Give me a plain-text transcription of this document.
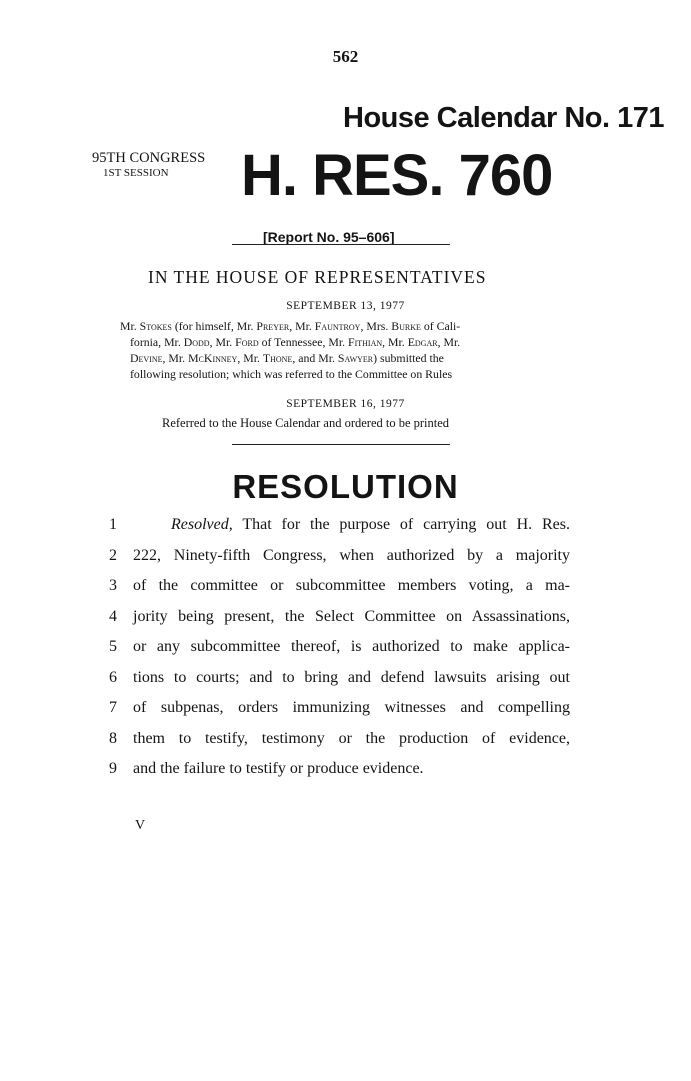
562
House Calendar No. 171
95TH CONGRESS
1ST SESSION H. RES. 760
[Report No. 95–606]
IN THE HOUSE OF REPRESENTATIVES
SEPTEMBER 13, 1977
Mr. Stokes (for himself, Mr. Preyer, Mr. Fauntroy, Mrs. Burke of Cali-
fornia, Mr. Dodd, Mr. Ford of Tennessee, Mr. Fithian, Mr. Edgar, Mr.
Devine, Mr. McKinney, Mr. Thone, and Mr. Sawyer) submitted the
following resolution; which was referred to the Committee on Rules
SEPTEMBER 16, 1977
Referred to the House Calendar and ordered to be printed
RESOLUTION
1	Resolved, That for the purpose of carrying out H. Res.
2 222, Ninety-fifth Congress, when authorized by a majority
3 of the committee or subcommittee members voting, a ma-
4 jority being present, the Select Committee on Assassinations,
5 or any subcommittee thereof, is authorized to make applica-
6 tions to courts; and to bring and defend lawsuits arising out
7 of subpenas, orders immunizing witnesses and compelling
8 them to testify, testimony or the production of evidence,
9 and the failure to testify or produce evidence.
V
